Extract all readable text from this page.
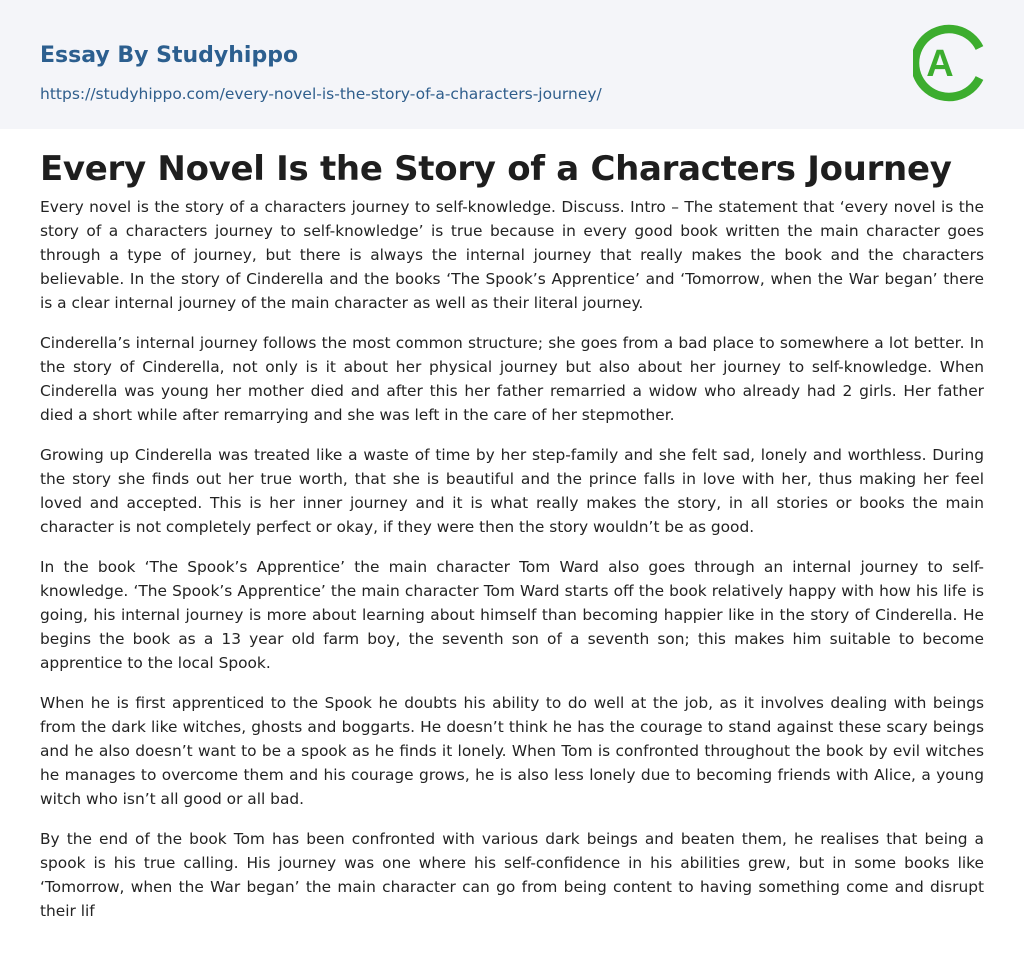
Essay By Studyhippo
https://studyhippo.com/every-novel-is-the-story-of-a-characters-journey/
A
Every Novel Is the Story of a Characters Journey

Every novel is the story of a characters journey to self-knowledge. Discuss. Intro – The statement that ‘every novel is the story of a characters journey to self-knowledge’ is true because in every good book written the main character goes through a type of journey, but there is always the internal journey that really makes the book and the characters believable. In the story of Cinderella and the books ‘The Spook’s Apprentice’ and ‘Tomorrow, when the War began’ there is a clear internal journey of the main character as well as their literal journey.

Cinderella’s internal journey follows the most common structure; she goes from a bad place to somewhere a lot better. In the story of Cinderella, not only is it about her physical journey but also about her journey to self-knowledge. When Cinderella was young her mother died and after this her father remarried a widow who already had 2 girls. Her father died a short while after remarrying and she was left in the care of her stepmother.

Growing up Cinderella was treated like a waste of time by her step-family and she felt sad, lonely and worthless. During the story she finds out her true worth, that she is beautiful and the prince falls in love with her, thus making her feel loved and accepted. This is her inner journey and it is what really makes the story, in all stories or books the main character is not completely perfect or okay, if they were then the story wouldn’t be as good.

In the book ‘The Spook’s Apprentice’ the main character Tom Ward also goes through an internal journey to self-knowledge. ‘The Spook’s Apprentice’ the main character Tom Ward starts off the book relatively happy with how his life is going, his internal journey is more about learning about himself than becoming happier like in the story of Cinderella. He begins the book as a 13 year old farm boy, the seventh son of a seventh son; this makes him suitable to become apprentice to the local Spook.

When he is first apprenticed to the Spook he doubts his ability to do well at the job, as it involves dealing with beings from the dark like witches, ghosts and boggarts. He doesn’t think he has the courage to stand against these scary beings and he also doesn’t want to be a spook as he finds it lonely. When Tom is confronted throughout the book by evil witches he manages to overcome them and his courage grows, he is also less lonely due to becoming friends with Alice, a young witch who isn’t all good or all bad.

By the end of the book Tom has been confronted with various dark beings and beaten them, he realises that being a spook is his true calling. His journey was one where his self-confidence in his abilities grew, but in some books like ‘Tomorrow, when the War began’ the main character can go from being content to having something come and disrupt their lif
